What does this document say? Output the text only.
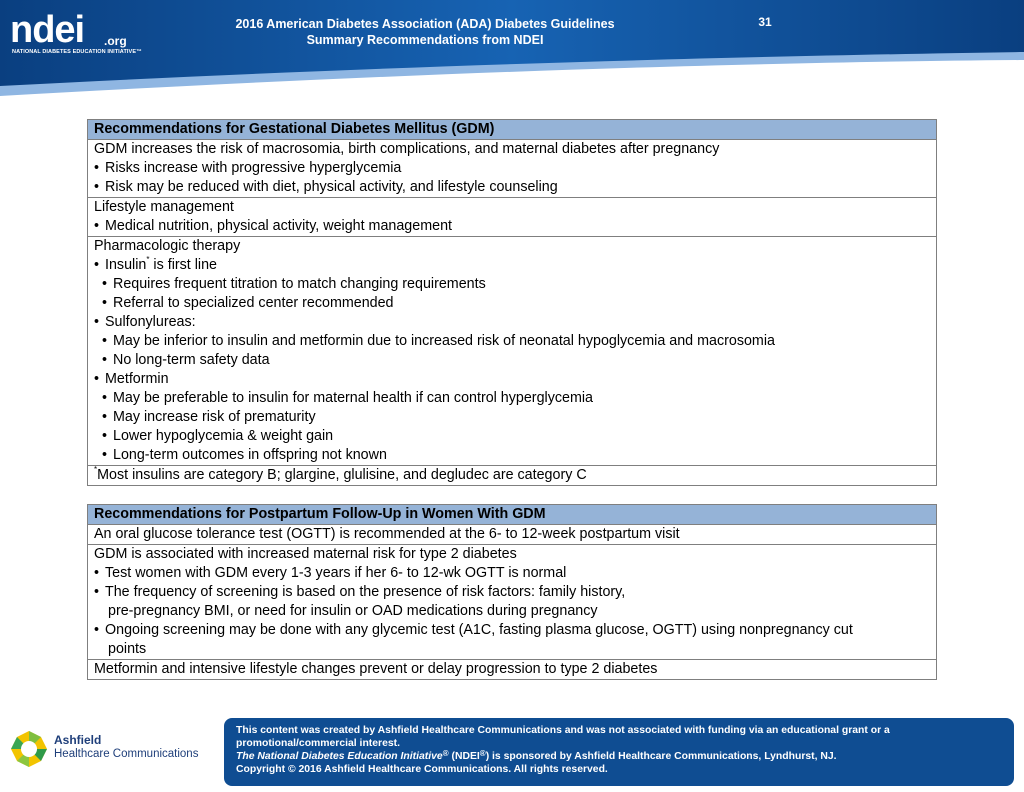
ndei .org
NATIONAL DIABETES EDUCATION INITIATIVE™
2016 American Diabetes Association (ADA) Diabetes Guidelines
Summary Recommendations from NDEI
31
Recommendations for Gestational Diabetes Mellitus (GDM)

GDM increases the risk of macrosomia, birth complications, and maternal diabetes after pregnancy
• Risks increase with progressive hyperglycemia
• Risk may be reduced with diet, physical activity, and lifestyle counseling

Lifestyle management
• Medical nutrition, physical activity, weight management

Pharmacologic therapy
• Insulin* is first line
• Requires frequent titration to match changing requirements
• Referral to specialized center recommended
• Sulfonylureas:
• May be inferior to insulin and metformin due to increased risk of neonatal hypoglycemia and macrosomia
• No long-term safety data
• Metformin
• May be preferable to insulin for maternal health if can control hyperglycemia
• May increase risk of prematurity
• Lower hypoglycemia & weight gain
• Long-term outcomes in offspring not known

*Most insulins are category B; glargine, glulisine, and degludec are category C
Recommendations for Postpartum Follow-Up in Women With GDM

An oral glucose tolerance test (OGTT) is recommended at the 6- to 12-week postpartum visit

GDM is associated with increased maternal risk for type 2 diabetes
• Test women with GDM every 1-3 years if her 6- to 12-wk OGTT is normal
• The frequency of screening is based on the presence of risk factors: family history,
pre-pregnancy BMI, or need for insulin or OAD medications during pregnancy
• Ongoing screening may be done with any glycemic test (A1C, fasting plasma glucose, OGTT) using nonpregnancy cut
points

Metformin and intensive lifestyle changes prevent or delay progression to type 2 diabetes
Ashfield
Healthcare Communications
This content was created by Ashfield Healthcare Communications and was not associated with funding via an educational grant or a
promotional/commercial interest.
The National Diabetes Education Initiative® (NDEI®) is sponsored by Ashfield Healthcare Communications, Lyndhurst, NJ.
Copyright © 2016 Ashfield Healthcare Communications. All rights reserved.
